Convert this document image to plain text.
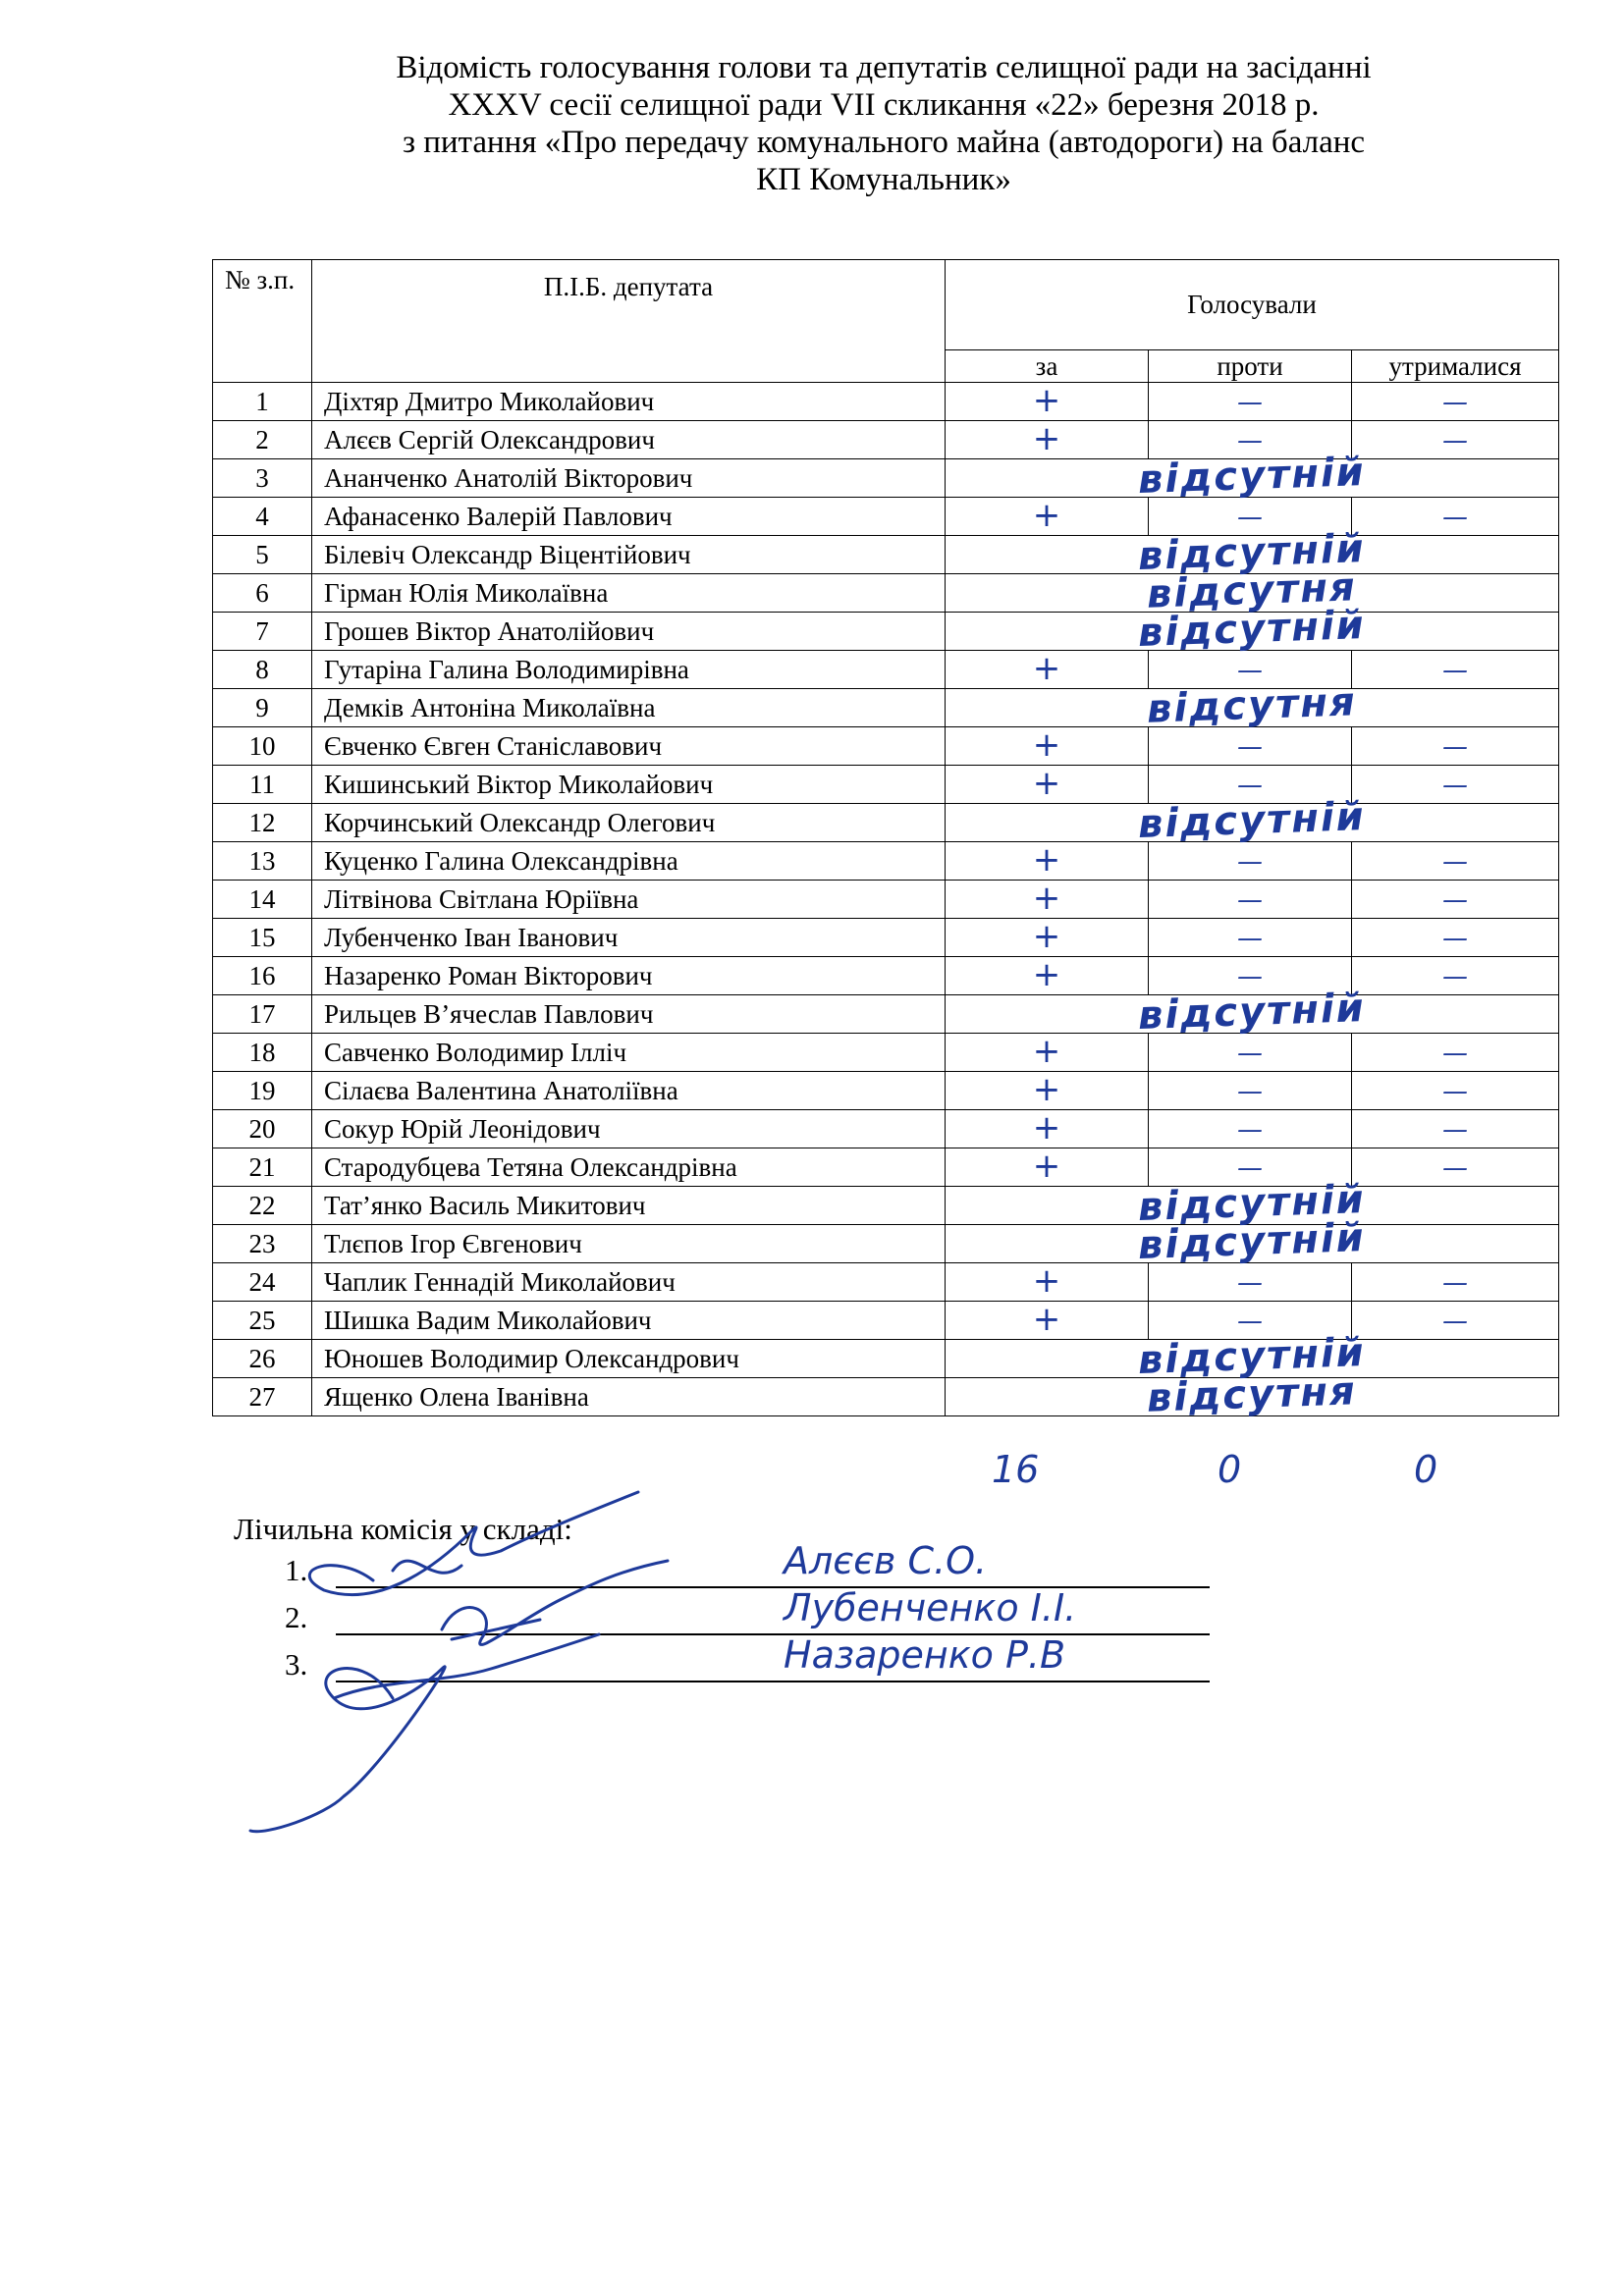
Відомість голосування голови та депутатів селищної ради на засіданні
XXXV сесії селищної ради VII скликання «22» березня 2018 р.
з питання «Про передачу комунального майна (автодороги) на баланс
КП Комунальник»
№ з.п.	П.І.Б. депутата	Голосували		
		за	проти	утрималися
1	Діхтяр Дмитро Миколайович	+	—	—
2	Алєєв Сергій Олександрович	+	—	—
3	Ананченко Анатолій Вікторович	відсутній		
4	Афанасенко Валерій Павлович	+	—	—
5	Білевіч Олександр Віцентійович	відсутній		
6	Гірман Юлія Миколаївна	відсутня		
7	Грошев Віктор Анатолійович	відсутній		
8	Гутаріна Галина Володимирівна	+	—	—
9	Демків Антоніна Миколаївна	відсутня		
10	Євченко Євген Станіславович	+	—	—
11	Кишинський Віктор Миколайович	+	—	—
12	Корчинський Олександр Олегович	відсутній		
13	Куценко Галина Олександрівна	+	—	—
14	Літвінова Світлана Юріївна	+	—	—
15	Лубенченко Іван Іванович	+	—	—
16	Назаренко Роман Вікторович	+	—	—
17	Рильцев В’ячеслав Павлович	відсутній		
18	Савченко Володимир Ілліч	+	—	—
19	Сілаєва Валентина Анатоліївна	+	—	—
20	Сокур Юрій Леонідович	+	—	—
21	Стародубцева Тетяна Олександрівна	+	—	—
22	Тат’янко Василь Микитович	відсутній		
23	Тлєпов Ігор Євгенович	відсутній		
24	Чаплик Геннадій Миколайович	+	—	—
25	Шишка Вадим Миколайович	+	—	—
26	Юношев Володимир Олександрович	відсутній		
27	Ященко Олена Іванівна	відсутня		
16	0	0
Лічильна комісія у складі:
1.	Алєєв С.О.
2.	Лубенченко І.І.
3.	Назаренко Р.В
